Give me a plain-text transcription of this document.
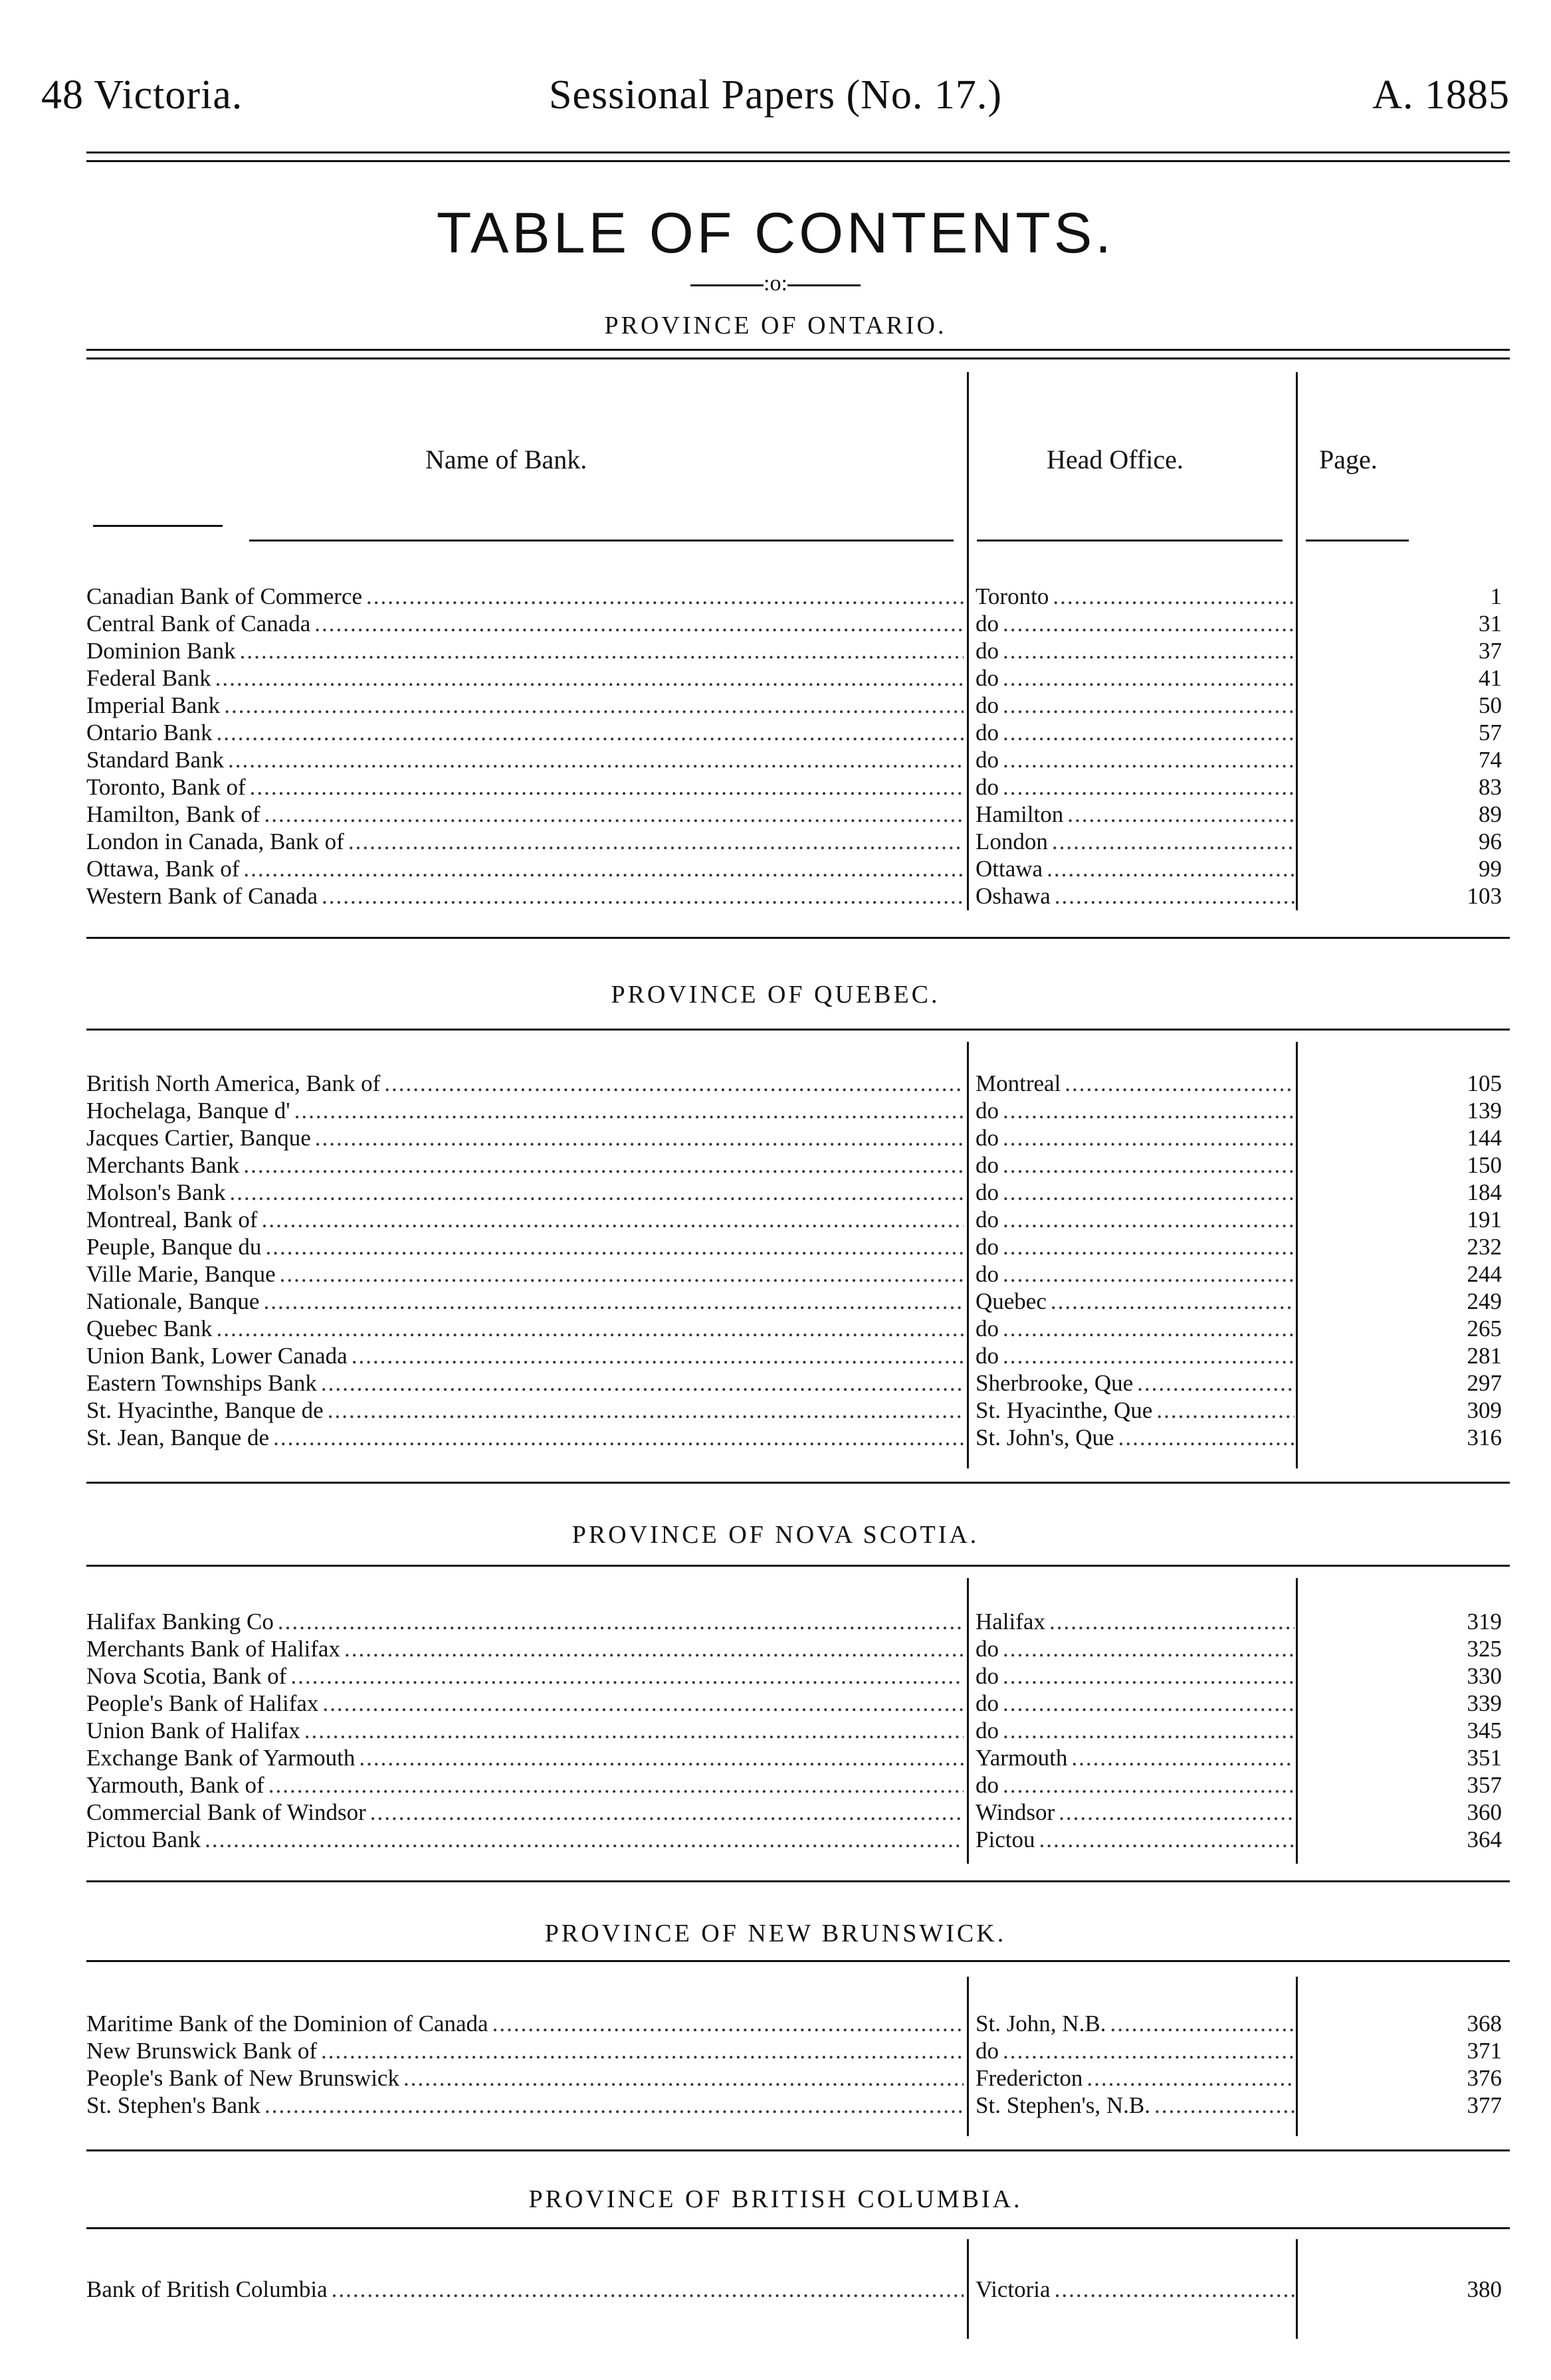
48 Victoria.	Sessional Papers (No. 17.)	A. 1885
TABLE OF CONTENTS.
:o:
PROVINCE OF ONTARIO.
Name of Bank.	Head Office.	Page.
Canadian Bank of Commerce .....	Toronto .....	1
Central Bank of Canada .....	do .....	31
Dominion Bank .....	do .....	37
Federal Bank .....	do .....	41
Imperial Bank .....	do .....	50
Ontario Bank .....	do .....	57
Standard Bank .....	do .....	74
Toronto, Bank of .....	do .....	83
Hamilton, Bank of .....	Hamilton .....	89
London in Canada, Bank of .....	London .....	96
Ottawa, Bank of .....	Ottawa .....	99
Western Bank of Canada .....	Oshawa .....	103
PROVINCE OF QUEBEC.
British North America, Bank of .....	Montreal .....	105
Hochelaga, Banque d' .....	do .....	139
Jacques Cartier, Banque .....	do .....	144
Merchants Bank .....	do .....	150
Molson's Bank .....	do .....	184
Montreal, Bank of .....	do .....	191
Peuple, Banque du .....	do .....	232
Ville Marie, Banque .....	do .....	244
Nationale, Banque .....	Quebec .....	249
Quebec Bank .....	do .....	265
Union Bank, Lower Canada .....	do .....	281
Eastern Townships Bank .....	Sherbrooke, Que .....	297
St. Hyacinthe, Banque de .....	St. Hyacinthe, Que .....	309
St. Jean, Banque de .....	St. John's, Que .....	316
PROVINCE OF NOVA SCOTIA.
Halifax Banking Co .....	Halifax .....	319
Merchants Bank of Halifax .....	do .....	325
Nova Scotia, Bank of .....	do .....	330
People's Bank of Halifax .....	do .....	339
Union Bank of Halifax .....	do .....	345
Exchange Bank of Yarmouth .....	Yarmouth .....	351
Yarmouth, Bank of .....	do .....	357
Commercial Bank of Windsor .....	Windsor .....	360
Pictou Bank .....	Pictou .....	364
PROVINCE OF NEW BRUNSWICK.
Maritime Bank of the Dominion of Canada .....	St. John, N.B. .....	368
New Brunswick Bank of .....	do .....	371
People's Bank of New Brunswick .....	Fredericton .....	376
St. Stephen's Bank .....	St. Stephen's, N.B. .....	377
PROVINCE OF BRITISH COLUMBIA.
Bank of British Columbia .....	Victoria .....	380
